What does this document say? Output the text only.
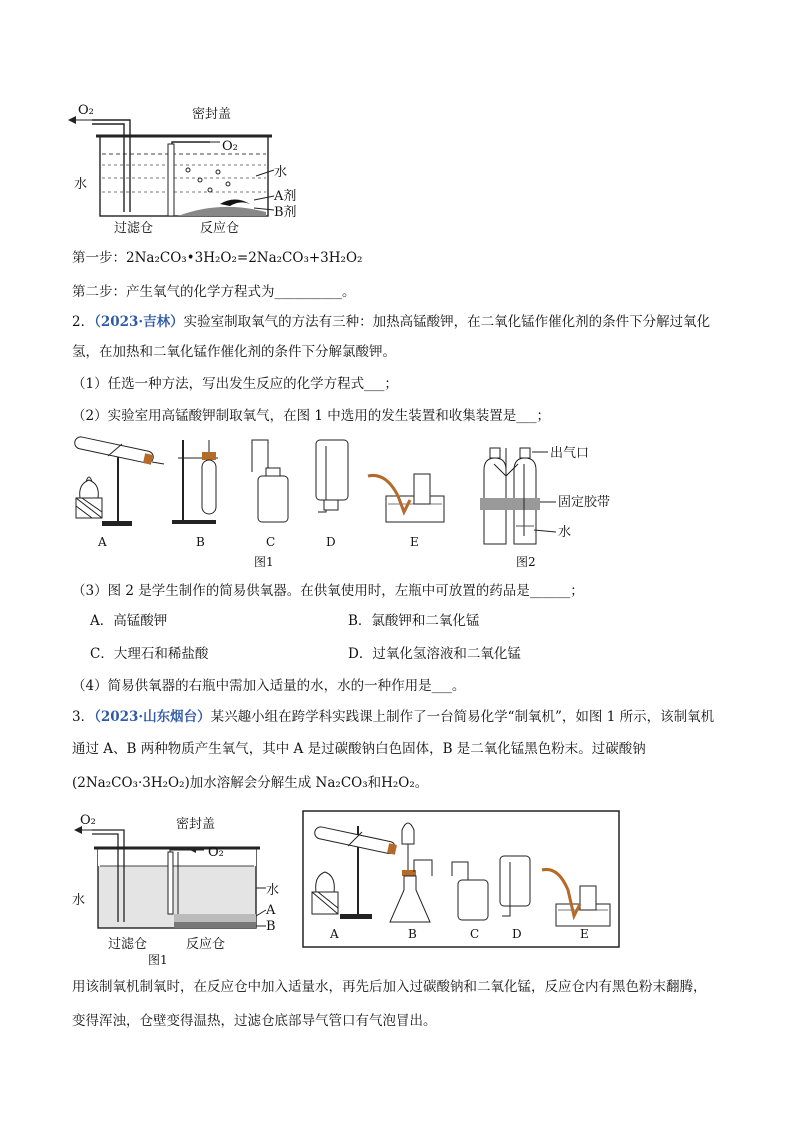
O₂	密封盖
O₂
水
水
A剂
B剂
过滤仓	反应仓
第一步：2Na₂CO₃•3H₂O₂=2Na₂CO₃+3H₂O₂
第二步：产生氧气的化学方程式为__________。
2．（2023·吉林）实验室制取氧气的方法有三种：加热高锰酸钾，在二氧化锰作催化剂的条件下分解过氧化
氢，在加热和二氧化锰作催化剂的条件下分解氯酸钾。
（1）任选一种方法，写出发生反应的化学方程式___；
（2）实验室用高锰酸钾制取氧气，在图 1 中选用的发生装置和收集装置是___；
A	B	C	D	E
图1
出气口
固定胶带
水
图2
（3）图 2 是学生制作的简易供氧器。在供氧使用时，左瓶中可放置的药品是______；
A．高锰酸钾	B．氯酸钾和二氧化锰
C．大理石和稀盐酸	D．过氧化氢溶液和二氧化锰
（4）简易供氧器的右瓶中需加入适量的水，水的一种作用是___。
3．（2023·山东烟台）某兴趣小组在跨学科实践课上制作了一台简易化学“制氧机”，如图 1 所示，该制氧机
通过 A、B 两种物质产生氧气，其中 A 是过碳酸钠白色固体，B 是二氧化锰黑色粉末。过碳酸钠
(2Na₂CO₃·3H₂O₂)加水溶解会分解生成 Na₂CO₃和H₂O₂。
O₂	密封盖
O₂
水
水
A
B
过滤仓	反应仓
图1
A	B	C	D	E
用该制氧机制氧时，在反应仓中加入适量水，再先后加入过碳酸钠和二氧化锰，反应仓内有黑色粉末翻腾，
变得浑浊，仓壁变得温热，过滤仓底部导气管口有气泡冒出。
